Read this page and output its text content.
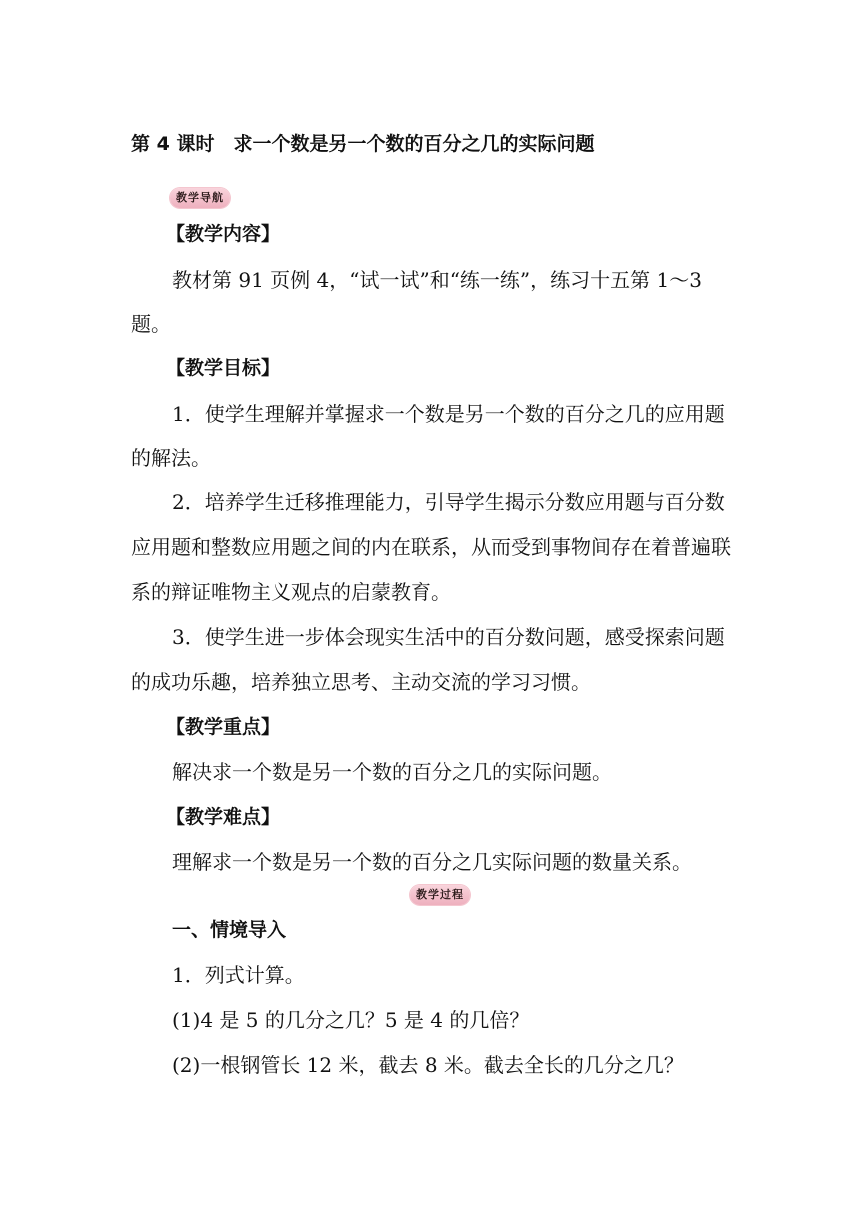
第 4 课时　求一个数是另一个数的百分之几的实际问题
教学导航
【教学内容】
教材第 91 页例 4，“试一试”和“练一练”，练习十五第 1～3
题。
【教学目标】
1．使学生理解并掌握求一个数是另一个数的百分之几的应用题
的解法。
2．培养学生迁移推理能力，引导学生揭示分数应用题与百分数
应用题和整数应用题之间的内在联系，从而受到事物间存在着普遍联
系的辩证唯物主义观点的启蒙教育。
3．使学生进一步体会现实生活中的百分数问题，感受探索问题
的成功乐趣，培养独立思考、主动交流的学习习惯。
【教学重点】
解决求一个数是另一个数的百分之几的实际问题。
【教学难点】
理解求一个数是另一个数的百分之几实际问题的数量关系。
教学过程
一、情境导入
1．列式计算。
(1)4 是 5 的几分之几？5 是 4 的几倍？
(2)一根钢管长 12 米，截去 8 米。截去全长的几分之几？
